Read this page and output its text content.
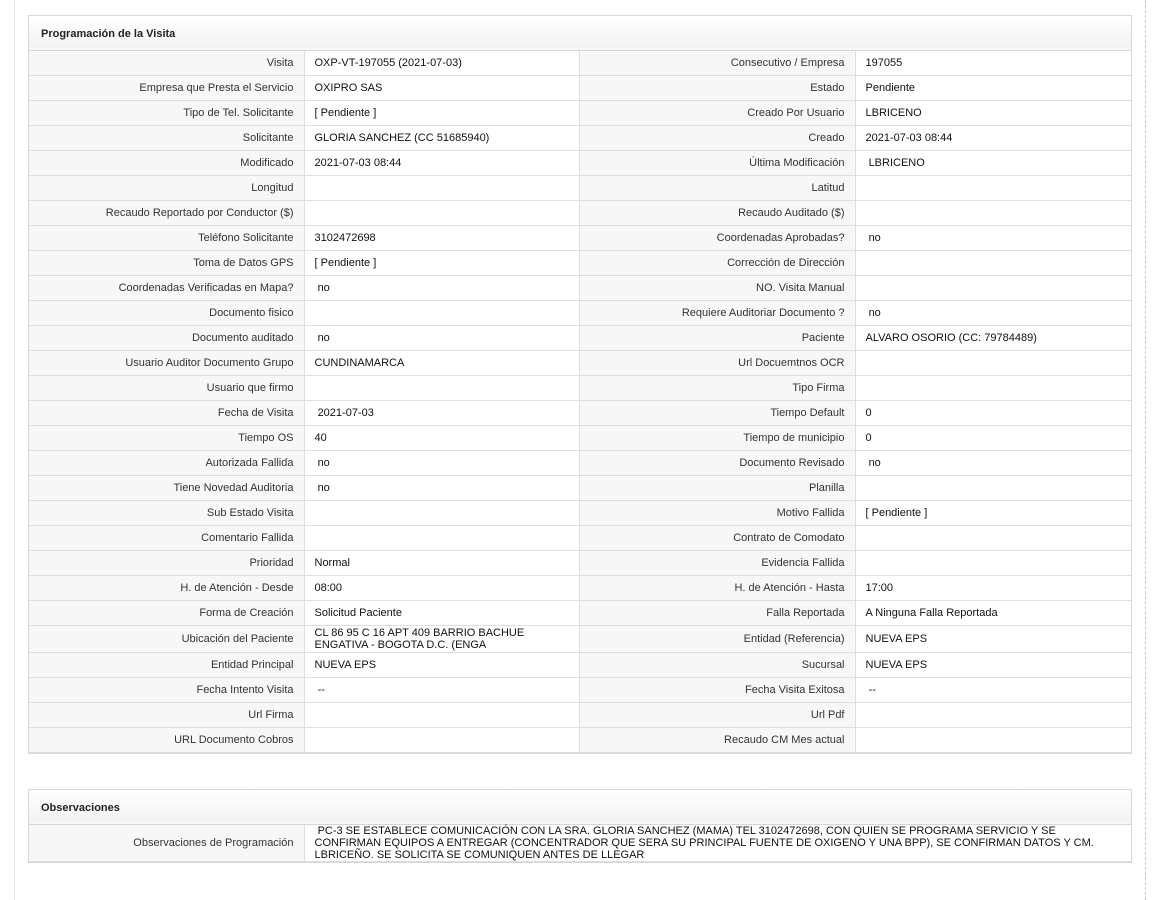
Programación de la Visita
Visita	OXP-VT-197055 (2021-07-03)	Consecutivo / Empresa	197055
Empresa que Presta el Servicio	OXIPRO SAS	Estado	Pendiente
Tipo de Tel. Solicitante	[ Pendiente ]	Creado Por Usuario	LBRICENO
Solicitante	GLORIA SANCHEZ (CC 51685940)	Creado	2021-07-03 08:44
Modificado	2021-07-03 08:44	Última Modificación	LBRICENO
Longitud		Latitud	
Recaudo Reportado por Conductor ($)		Recaudo Auditado ($)	
Teléfono Solicitante	3102472698	Coordenadas Aprobadas?	no
Toma de Datos GPS	[ Pendiente ]	Corrección de Dirección	
Coordenadas Verificadas en Mapa?	no	NO. Visita Manual	
Documento fisico		Requiere Auditoriar Documento ?	no
Documento auditado	no	Paciente	ALVARO OSORIO (CC: 79784489)
Usuario Auditor Documento Grupo	CUNDINAMARCA	Url Docuemtnos OCR	
Usuario que firmo		Tipo Firma	
Fecha de Visita	2021-07-03	Tiempo Default	0
Tiempo OS	40	Tiempo de municipio	0
Autorizada Fallida	no	Documento Revisado	no
Tiene Novedad Auditoria	no	Planilla	
Sub Estado Visita		Motivo Fallida	[ Pendiente ]
Comentario Fallida		Contrato de Comodato	
Prioridad	Normal	Evidencia Fallida	
H. de Atención - Desde	08:00	H. de Atención - Hasta	17:00
Forma de Creación	Solicitud Paciente	Falla Reportada	A Ninguna Falla Reportada
Ubicación del Paciente	CL 86 95 C 16 APT 409 BARRIO BACHUE ENGATIVA - BOGOTA D.C. (ENGA	Entidad (Referencia)	NUEVA EPS
Entidad Principal	NUEVA EPS	Sucursal	NUEVA EPS
Fecha Intento Visita	--	Fecha Visita Exitosa	--
Url Firma		Url Pdf	
URL Documento Cobros		Recaudo CM Mes actual	
Observaciones
Observaciones de Programación	PC-3 SE ESTABLECE COMUNICACIÓN CON LA SRA. GLORIA SANCHEZ (MAMA) TEL 3102472698, CON QUIEN SE PROGRAMA SERVICIO Y SE CONFIRMAN EQUIPOS A ENTREGAR (CONCENTRADOR QUE SERA SU PRINCIPAL FUENTE DE OXIGENO Y UNA BPP), SE CONFIRMAN DATOS Y CM. LBRICEÑO. SE SOLICITA SE COMUNIQUEN ANTES DE LLEGAR
